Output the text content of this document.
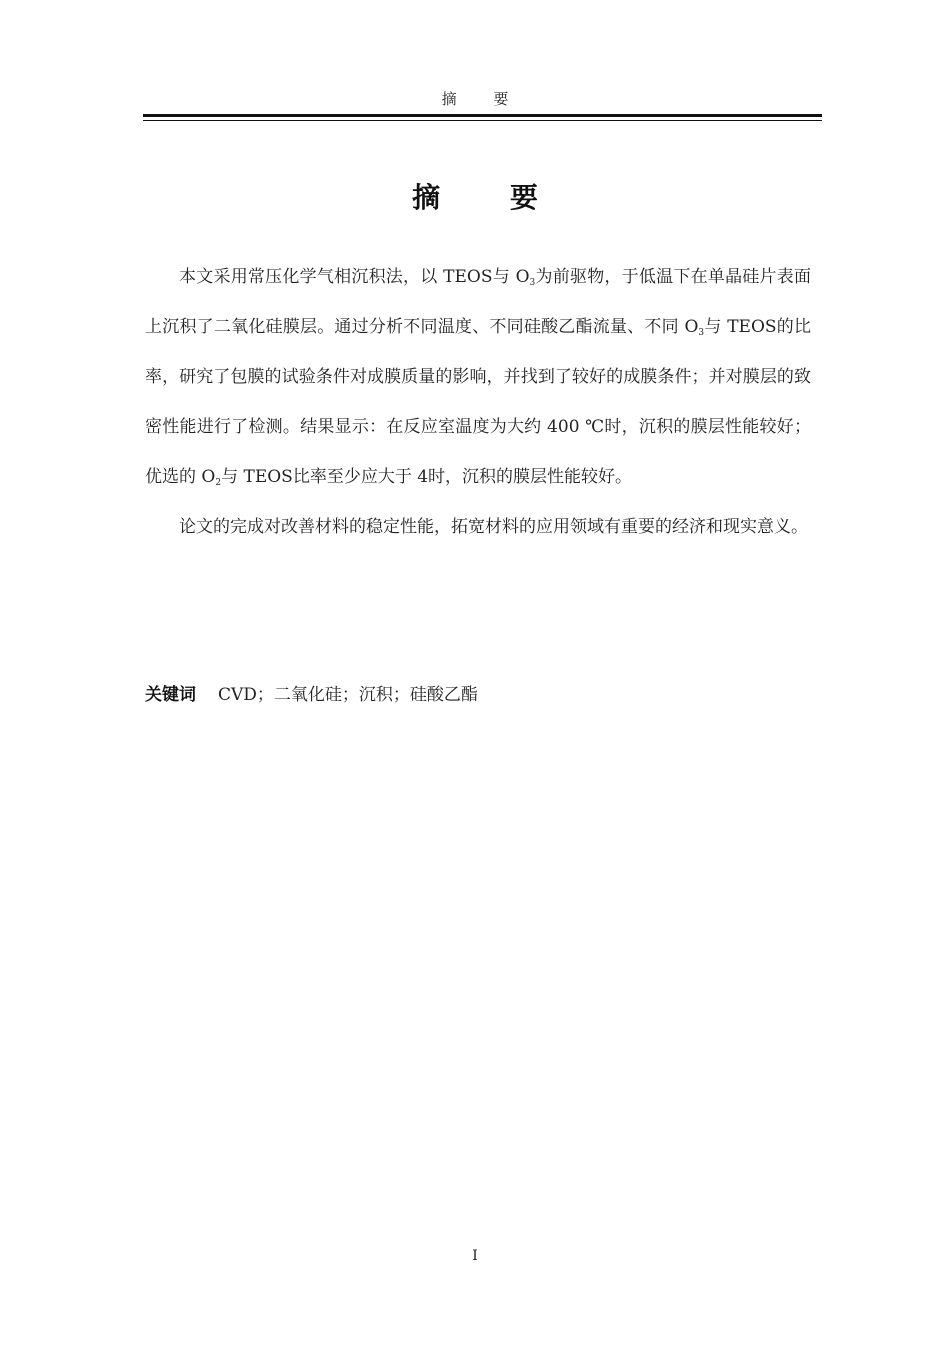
摘 要
摘 要

本文采用常压化学气相沉积法，以 TEOS与 $O_3$为前驱物，于低温下在单晶硅片表面上沉积了二氧化硅膜层。通过分析不同温度、不同硅酸乙酯流量、不同 $O_3$与 TEOS的比率，研究了包膜的试验条件对成膜质量的影响，并找到了较好的成膜条件；并对膜层的致密性能进行了检测。结果显示：在反应室温度为大约 400 ℃时，沉积的膜层性能较好；优选的 $O_2$与 TEOS比率至少应大于 4时，沉积的膜层性能较好。

论文的完成对改善材料的稳定性能，拓宽材料的应用领域有重要的经济和现实意义。

关键词 CVD；二氧化硅；沉积；硅酸乙酯
I
